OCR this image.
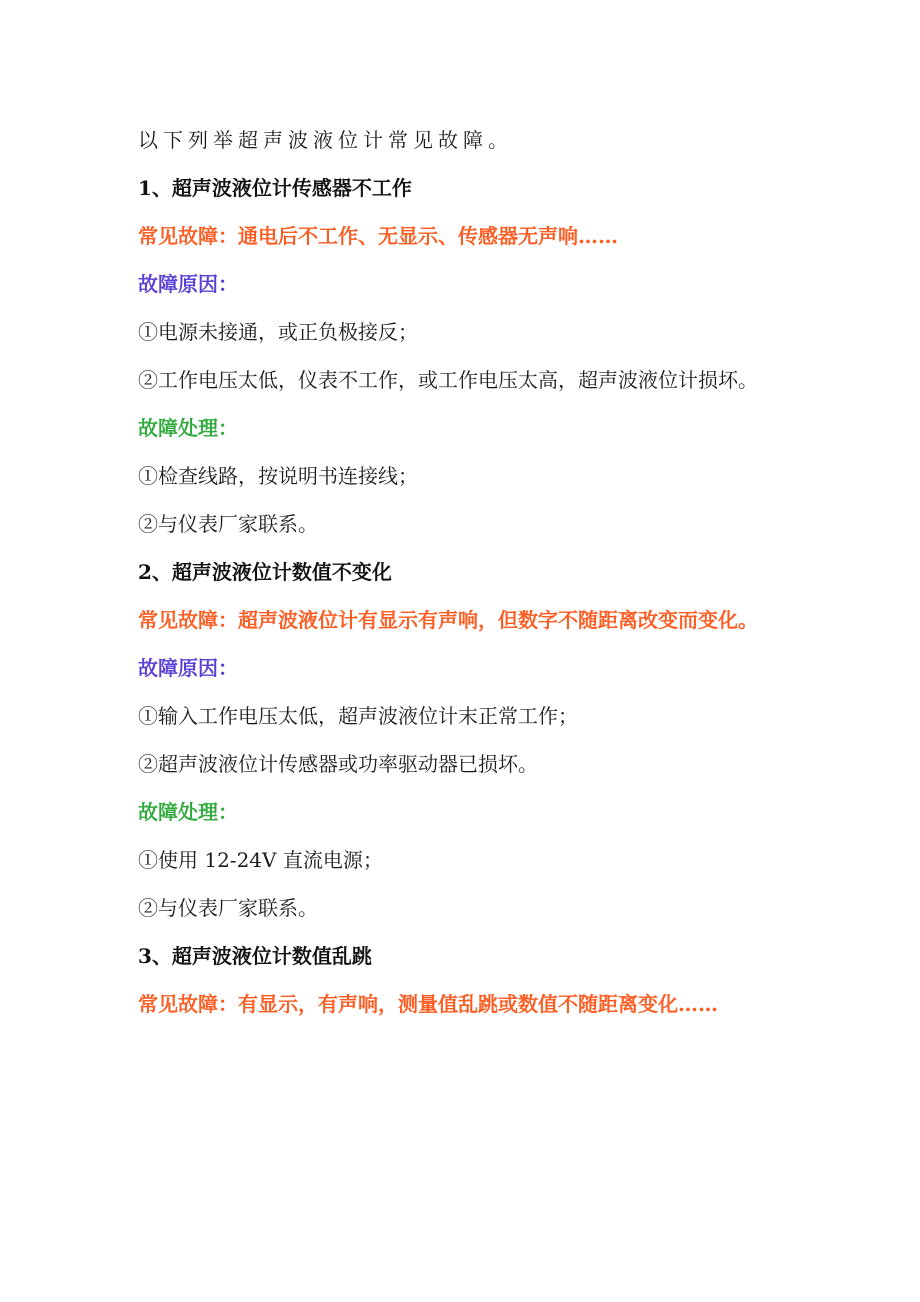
以下列举超声波液位计常见故障。
1、超声波液位计传感器不工作
常见故障：通电后不工作、无显示、传感器无声响……
故障原因：
①电源未接通，或正负极接反；
②工作电压太低，仪表不工作，或工作电压太高，超声波液位计损坏。
故障处理：
①检查线路，按说明书连接线；
②与仪表厂家联系。
2、超声波液位计数值不变化
常见故障：超声波液位计有显示有声响，但数字不随距离改变而变化。
故障原因：
①输入工作电压太低，超声波液位计末正常工作；
②超声波液位计传感器或功率驱动器已损坏。
故障处理：
①使用 12-24V 直流电源；
②与仪表厂家联系。
3、超声波液位计数值乱跳
常见故障：有显示，有声响，测量值乱跳或数值不随距离变化……
